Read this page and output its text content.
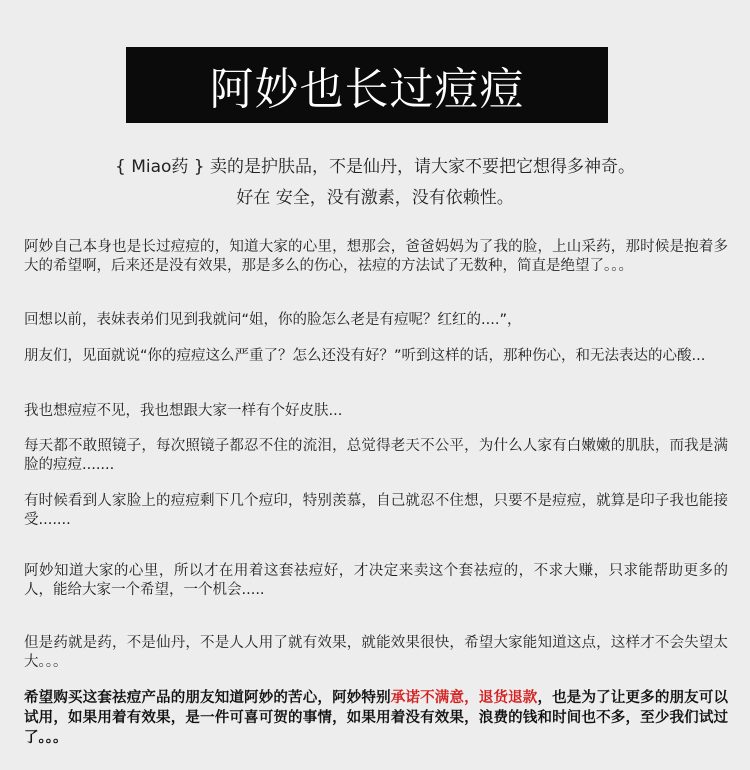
阿妙也长过痘痘
{ Miao药 } 卖的是护肤品，不是仙丹，请大家不要把它想得多神奇。
好在 安全，没有激素，没有依赖性。
阿妙自己本身也是长过痘痘的，知道大家的心里，想那会，爸爸妈妈为了我的脸，上山采药，那时候是抱着多大的希望啊，后来还是没有效果，那是多么的伤心，祛痘的方法试了无数种，简直是绝望了。。。
回想以前，表妹表弟们见到我就问“姐，你的脸怎么老是有痘呢？红红的....”，
朋友们，见面就说“你的痘痘这么严重了？怎么还没有好？”听到这样的话，那种伤心，和无法表达的心酸...
我也想痘痘不见，我也想跟大家一样有个好皮肤...
每天都不敢照镜子，每次照镜子都忍不住的流泪，总觉得老天不公平，为什么人家有白嫩嫩的肌肤，而我是满脸的痘痘.......
有时候看到人家脸上的痘痘剩下几个痘印，特别羡慕，自己就忍不住想，只要不是痘痘，就算是印子我也能接受.......
阿妙知道大家的心里，所以才在用着这套祛痘好，才决定来卖这个套祛痘的，不求大赚，只求能帮助更多的人，能给大家一个希望，一个机会.....
但是药就是药，不是仙丹，不是人人用了就有效果，就能效果很快，希望大家能知道这点，这样才不会失望太大。。。
希望购买这套祛痘产品的朋友知道阿妙的苦心，阿妙特别承诺不满意，退货退款，也是为了让更多的朋友可以试用，如果用着有效果，是一件可喜可贺的事情，如果用着没有效果，浪费的钱和时间也不多，至少我们试过了。。。
